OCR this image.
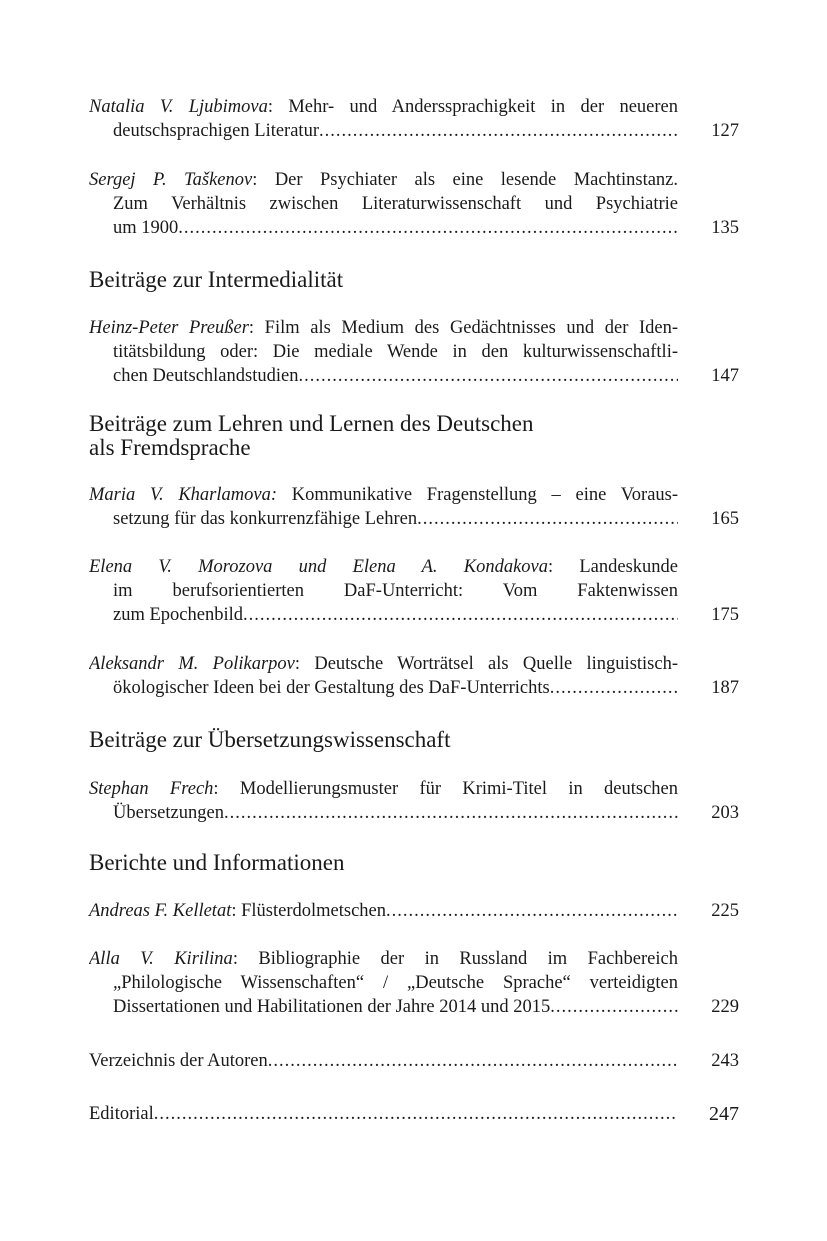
Natalia V. Ljubimova: Mehr- und Anderssprachigkeit in der neueren
deutschsprachigen Literatur .....	127
Sergej P. Taškenov: Der Psychiater als eine lesende Machtinstanz.
Zum Verhältnis zwischen Literaturwissenschaft und Psychiatrie
um 1900 .....	135
Beiträge zur Intermedialität
Heinz-Peter Preußer: Film als Medium des Gedächtnisses und der Iden-
titätsbildung oder: Die mediale Wende in den kulturwissenschaftli-
chen Deutschlandstudien .....	147
Beiträge zum Lehren und Lernen des Deutschen
als Fremdsprache
Maria V. Kharlamova: Kommunikative Fragenstellung – eine Voraus-
setzung für das konkurrenzfähige Lehren .....	165
Elena V. Morozova und Elena A. Kondakova: Landeskunde
im berufsorientierten DaF-Unterricht: Vom Faktenwissen
zum Epochenbild .....	175
Aleksandr M. Polikarpov: Deutsche Worträtsel als Quelle linguistisch-
ökologischer Ideen bei der Gestaltung des DaF-Unterrichts .....	187
Beiträge zur Übersetzungswissenschaft
Stephan Frech: Modellierungsmuster für Krimi-Titel in deutschen
Übersetzungen .....	203
Berichte und Informationen
Andreas F. Kelletat: Flüsterdolmetschen .....	225
Alla V. Kirilina: Bibliographie der in Russland im Fachbereich
„Philologische Wissenschaften“ / „Deutsche Sprache“ verteidigten
Dissertationen und Habilitationen der Jahre 2014 und 2015 .....	229
Verzeichnis der Autoren .....	243
Editorial .....	247
